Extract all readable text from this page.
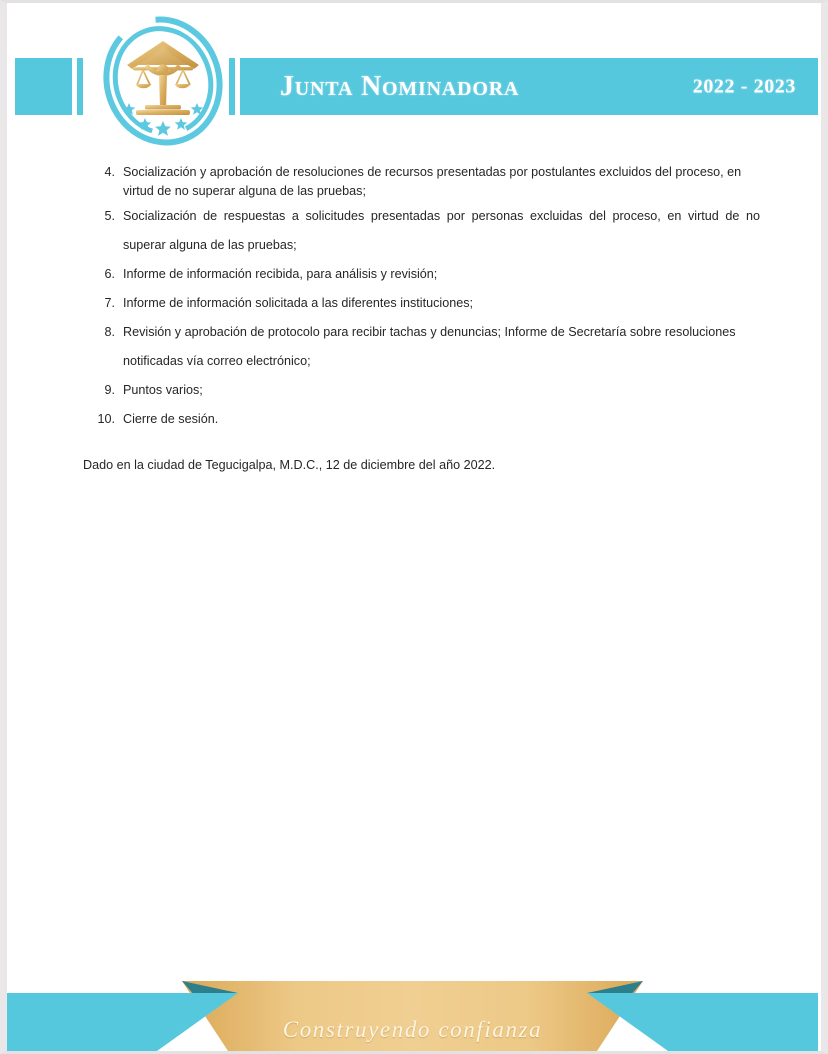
Junta Nominadora	2022 - 2023
4. Socialización y aprobación de resoluciones de recursos presentadas por postulantes excluidos del proceso, en virtud de no superar alguna de las pruebas;
5. Socialización de respuestas a solicitudes presentadas por personas excluidas del proceso, en virtud de no superar alguna de las pruebas;
6. Informe de información recibida, para análisis y revisión;
7. Informe de información solicitada a las diferentes instituciones;
8. Revisión y aprobación de protocolo para recibir tachas y denuncias; Informe de Secretaría sobre resoluciones notificadas vía correo electrónico;
9. Puntos varios;
10. Cierre de sesión.

Dado en la ciudad de Tegucigalpa, M.D.C., 12 de diciembre del año 2022.

Construyendo confianza
